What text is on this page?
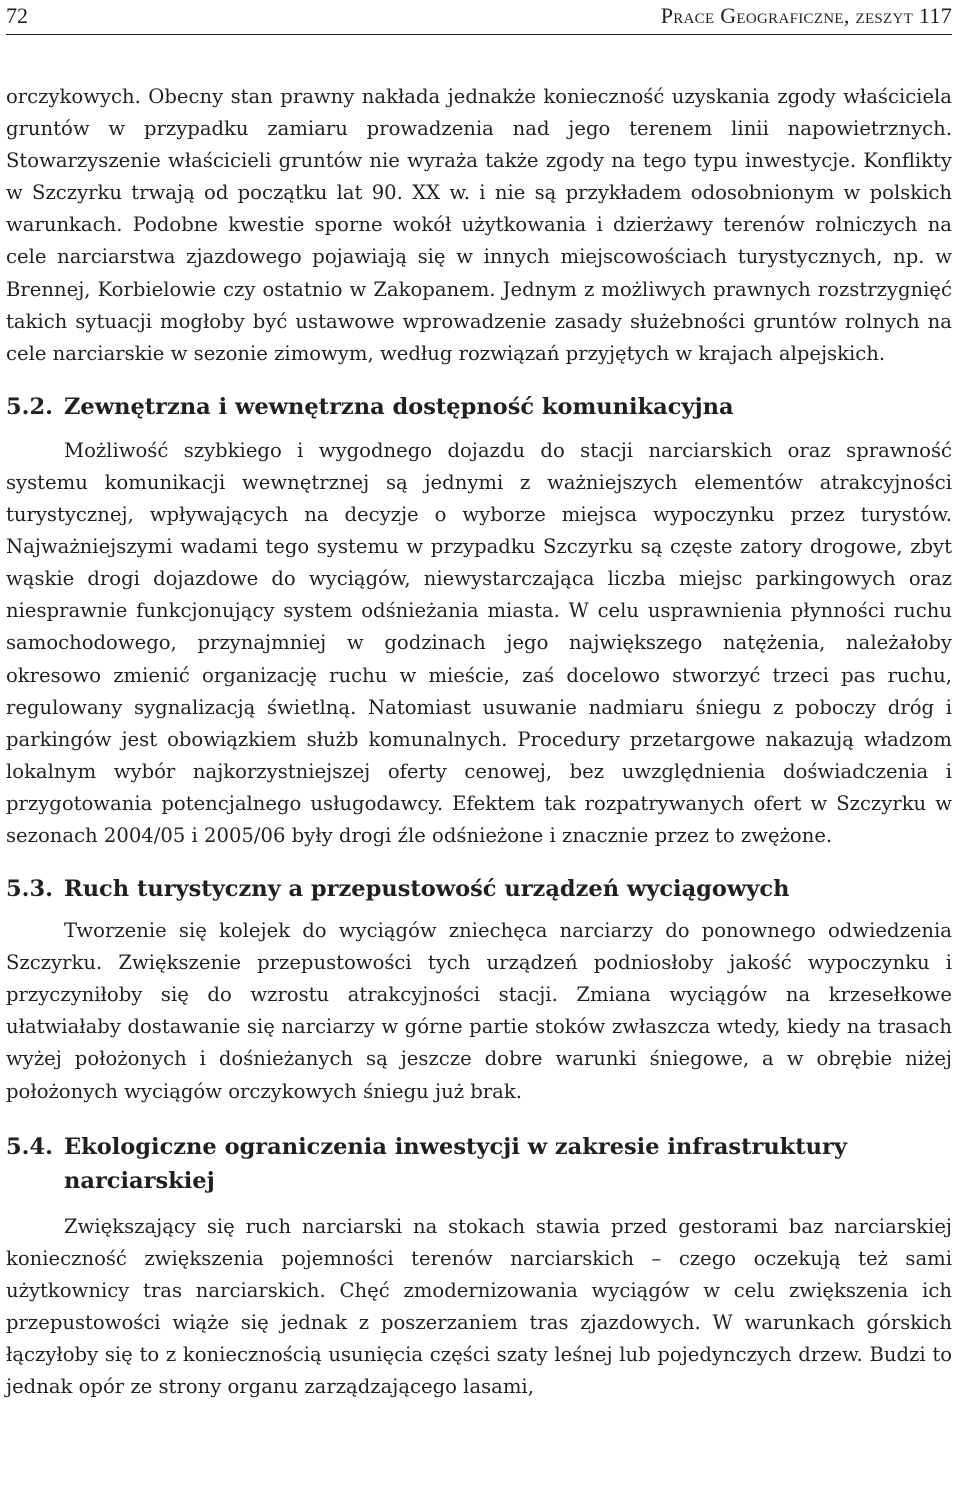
72	Prace Geograficzne, zeszyt 117

orczykowych. Obecny stan prawny nakłada jednakże konieczność uzyskania zgody właściciela gruntów w przypadku zamiaru prowadzenia nad jego terenem linii napowietrznych. Stowarzyszenie właścicieli gruntów nie wyraża także zgody na tego typu inwestycje. Konflikty w Szczyrku trwają od początku lat 90. XX w. i nie są przykładem odosobnionym w polskich warunkach. Podobne kwestie sporne wokół użytkowania i dzierżawy terenów rolniczych na cele narciarstwa zjazdowego pojawiają się w innych miejscowościach turystycznych, np. w Brennej, Korbielowie czy ostatnio w Zakopanem. Jednym z możliwych prawnych rozstrzygnięć takich sytuacji mogłoby być ustawowe wprowadzenie zasady służebności gruntów rolnych na cele narciarskie w sezonie zimowym, według rozwiązań przyjętych w krajach alpejskich.

5.2. Zewnętrzna i wewnętrzna dostępność komunikacyjna

Możliwość szybkiego i wygodnego dojazdu do stacji narciarskich oraz sprawność systemu komunikacji wewnętrznej są jednymi z ważniejszych elementów atrakcyjności turystycznej, wpływających na decyzje o wyborze miejsca wypoczynku przez turystów. Najważniejszymi wadami tego systemu w przypadku Szczyrku są częste zatory drogowe, zbyt wąskie drogi dojazdowe do wyciągów, niewystarczająca liczba miejsc parkingowych oraz niesprawnie funkcjonujący system odśnieżania miasta. W celu usprawnienia płynności ruchu samochodowego, przynajmniej w godzinach jego największego natężenia, należałoby okresowo zmienić organizację ruchu w mieście, zaś docelowo stworzyć trzeci pas ruchu, regulowany sygnalizacją świetlną. Natomiast usuwanie nadmiaru śniegu z poboczy dróg i parkingów jest obowiązkiem służb komunalnych. Procedury przetargowe nakazują władzom lokalnym wybór najkorzystniejszej oferty cenowej, bez uwzględnienia doświadczenia i przygotowania potencjalnego usługodawcy. Efektem tak rozpatrywanych ofert w Szczyrku w sezonach 2004/05 i 2005/06 były drogi źle odśnieżone i znacznie przez to zwężone.

5.3. Ruch turystyczny a przepustowość urządzeń wyciągowych

Tworzenie się kolejek do wyciągów zniechęca narciarzy do ponownego odwiedzenia Szczyrku. Zwiększenie przepustowości tych urządzeń podniosłoby jakość wypoczynku i przyczyniłoby się do wzrostu atrakcyjności stacji. Zmiana wyciągów na krzesełkowe ułatwiałaby dostawanie się narciarzy w górne partie stoków zwłaszcza wtedy, kiedy na trasach wyżej położonych i dośnieżanych są jeszcze dobre warunki śniegowe, a w obrębie niżej położonych wyciągów orczykowych śniegu już brak.

5.4. Ekologiczne ograniczenia inwestycji w zakresie infrastruktury narciarskiej

Zwiększający się ruch narciarski na stokach stawia przed gestorami baz narciarskiej konieczność zwiększenia pojemności terenów narciarskich – czego oczekują też sami użytkownicy tras narciarskich. Chęć zmodernizowania wyciągów w celu zwiększenia ich przepustowości wiąże się jednak z poszerzaniem tras zjazdowych. W warunkach górskich łączyłoby się to z koniecznością usunięcia części szaty leśnej lub pojedynczych drzew. Budzi to jednak opór ze strony organu zarządzającego lasami,
